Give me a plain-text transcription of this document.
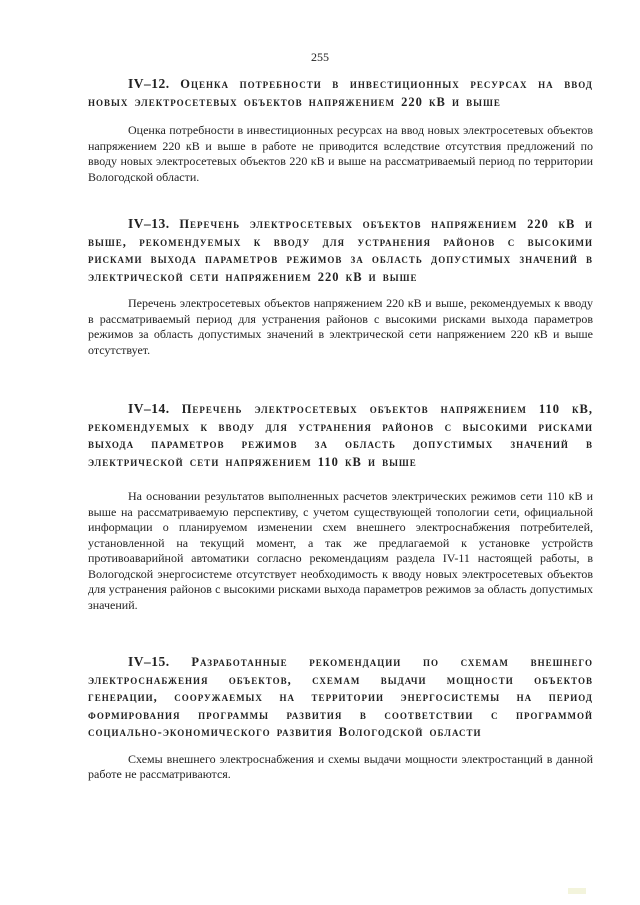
255

IV–12. Оценка потребности в инвестиционных ресурсах на ввод новых электросетевых объектов напряжением 220 кВ и выше

Оценка потребности в инвестиционных ресурсах на ввод новых электросетевых объектов напряжением 220 кВ и выше в работе не приводится вследствие отсутствия предложений по вводу новых электросетевых объектов 220 кВ и выше на рассматриваемый период по территории Вологодской области.

IV–13. Перечень электросетевых объектов напряжением 220 кВ и выше, рекомендуемых к вводу для устранения районов с высокими рисками выхода параметров режимов за область допустимых значений в электрической сети напряжением 220 кВ и выше

Перечень электросетевых объектов напряжением 220 кВ и выше, рекомендуемых к вводу в рассматриваемый период для устранения районов с высокими рисками выхода параметров режимов за область допустимых значений в электрической сети напряжением 220 кВ и выше отсутствует.

IV–14. Перечень электросетевых объектов напряжением 110 кВ, рекомендуемых к вводу для устранения районов с высокими рисками выхода параметров режимов за область допустимых значений в электрической сети напряжением 110 кВ и выше

На основании результатов выполненных расчетов электрических режимов сети 110 кВ и выше на рассматриваемую перспективу, с учетом существующей топологии сети, официальной информации о планируемом изменении схем внешнего электроснабжения потребителей, установленной на текущий момент, а так же предлагаемой к установке устройств противоаварийной автоматики согласно рекомендациям раздела IV-11 настоящей работы, в Вологодской энергосистеме отсутствует необходимость к вводу новых электросетевых объектов для устранения районов с высокими рисками выхода параметров режимов за область допустимых значений.

IV–15. Разработанные рекомендации по схемам внешнего электроснабжения объектов, схемам выдачи мощности объектов генерации, сооружаемых на территории энергосистемы на период формирования программы развития в соответствии с программой социально-экономического развития Вологодской области

Схемы внешнего электроснабжения и схемы выдачи мощности электростанций в данной работе не рассматриваются.
